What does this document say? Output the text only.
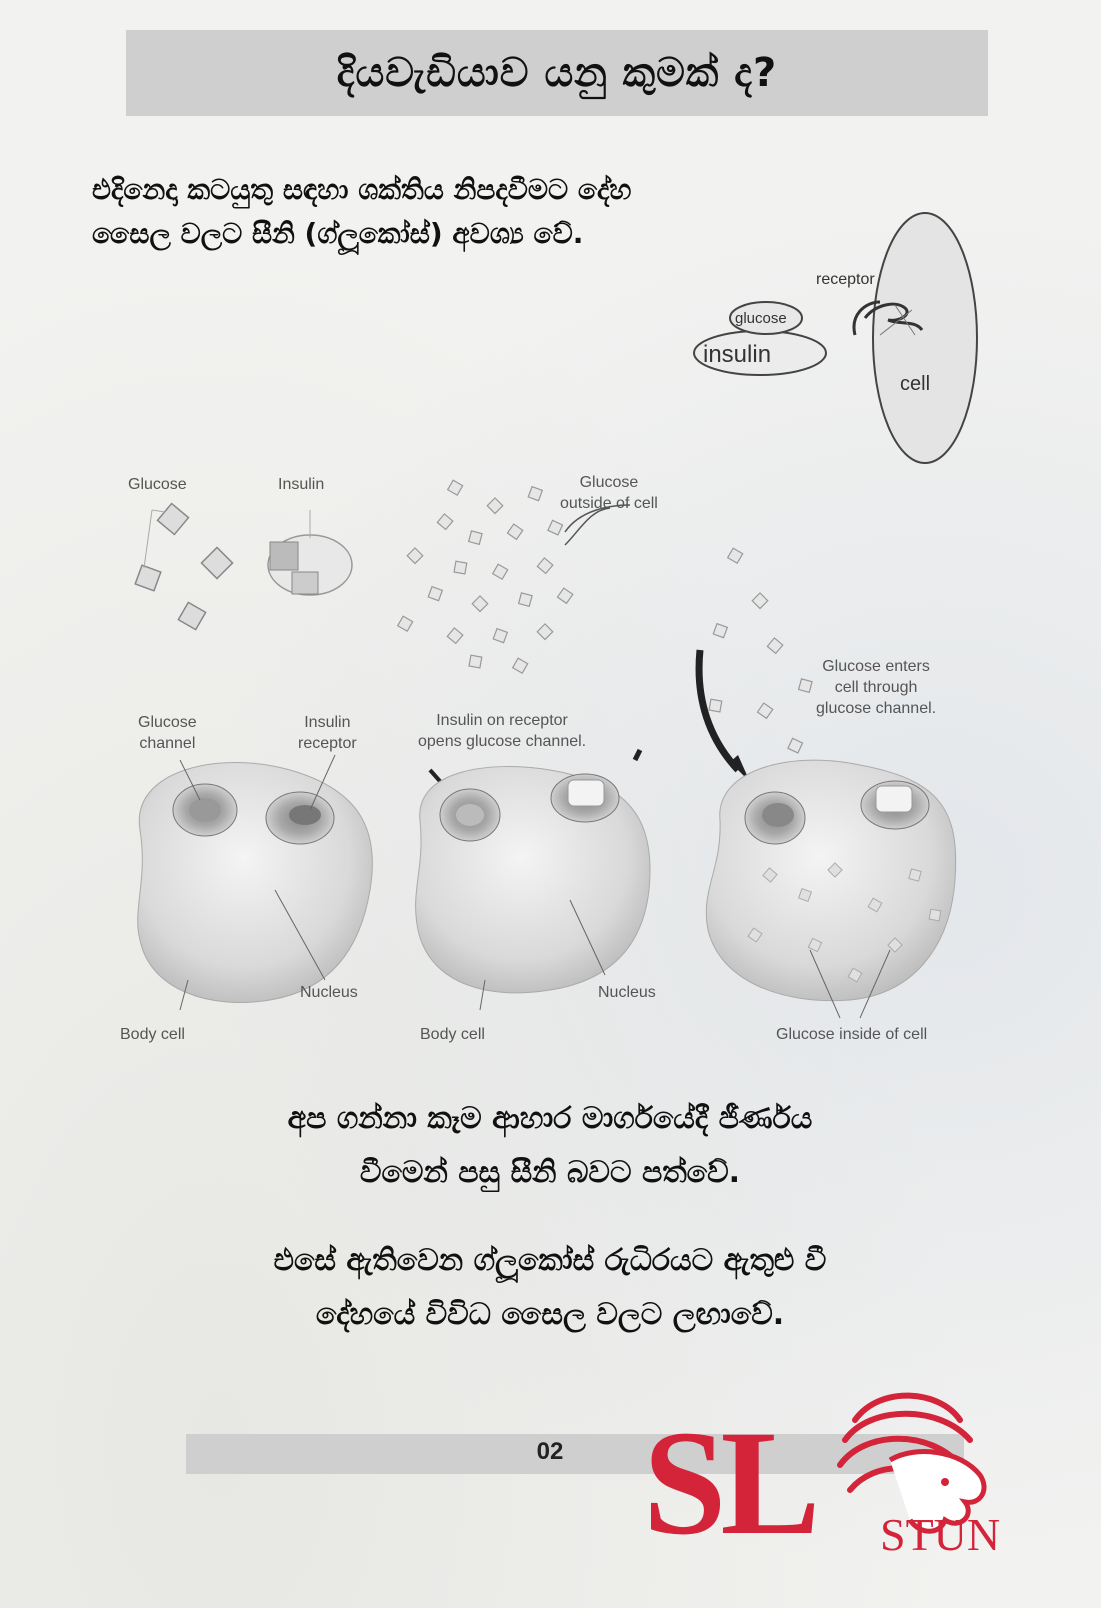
දියවැඩියාව යනු කුමක් ද?
එදිනෙදා කටයුතු සඳහා ශක්තිය නිපදවීමට දේහ
සෛල වලට සීනි (ග්ලූකෝස්) අවශ්‍ය වේ.
receptor
glucose
insulin
cell
Glucose	Insulin	Glucose
outside of cell
Glucose enters
cell through
glucose channel.
Glucose
channel
Insulin
receptor
Insulin on receptor
opens glucose channel.
Nucleus	Nucleus
Body cell	Body cell	Glucose inside of cell
අප ගන්නා කෑම ආහාර මාර්ගයේදී ජීර්ණය
වීමෙන් පසු සීනි බවට පත්වේ.
එසේ ඇතිවෙන ග්ලූකෝස් රුධිරයට ඇතුළු වී
දේහයේ විවිධ සෛල වලට ලඟාවේ.
02 SL STUN
